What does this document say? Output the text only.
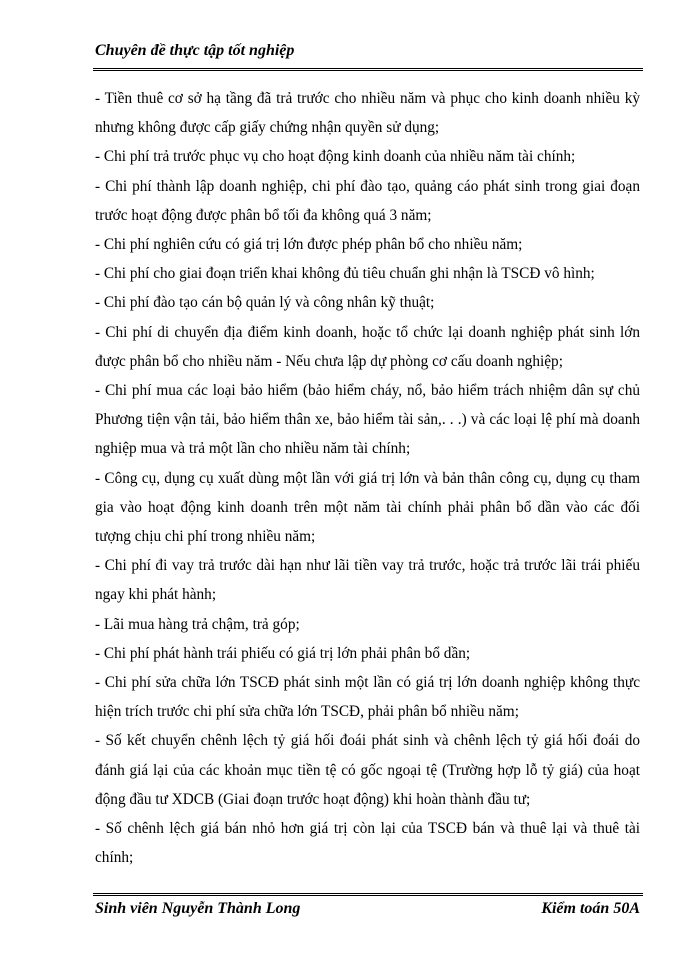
Chuyên đề thực tập tốt nghiệp

- Tiền thuê cơ sở hạ tầng đã trả trước cho nhiều năm và phục cho kinh doanh nhiều kỳ nhưng không được cấp giấy chứng nhận quyền sử dụng;

- Chi phí trả trước phục vụ cho hoạt động kinh doanh của nhiều năm tài chính;

- Chi phí thành lập doanh nghiệp, chi phí đào tạo, quảng cáo phát sinh trong giai đoạn trước hoạt động được phân bổ tối đa không quá 3 năm;

- Chi phí nghiên cứu có giá trị lớn được phép phân bổ cho nhiều năm;

- Chi phí cho giai đoạn triển khai không đủ tiêu chuẩn ghi nhận là TSCĐ vô hình;

- Chi phí đào tạo cán bộ quản lý và công nhân kỹ thuật;

- Chi phí di chuyển địa điểm kinh doanh, hoặc tổ chức lại doanh nghiệp phát sinh lớn được phân bổ cho nhiều năm - Nếu chưa lập dự phòng cơ cấu doanh nghiệp;

- Chi phí mua các loại bảo hiểm (bảo hiểm cháy, nổ, bảo hiểm trách nhiệm dân sự chủ Phương tiện vận tải, bảo hiểm thân xe, bảo hiểm tài sản,. . .) và các loại lệ phí mà doanh nghiệp mua và trả một lần cho nhiều năm tài chính;

- Công cụ, dụng cụ xuất dùng một lần với giá trị lớn và bản thân công cụ, dụng cụ tham gia vào hoạt động kinh doanh trên một năm tài chính phải phân bổ dần vào các đối tượng chịu chi phí trong nhiều năm;

- Chi phí đi vay trả trước dài hạn như lãi tiền vay trả trước, hoặc trả trước lãi trái phiếu ngay khi phát hành;

- Lãi mua hàng trả chậm, trả góp;

- Chi phí phát hành trái phiếu có giá trị lớn phải phân bổ dần;

- Chi phí sửa chữa lớn TSCĐ phát sinh một lần có giá trị lớn doanh nghiệp không thực hiện trích trước chi phí sửa chữa lớn TSCĐ, phải phân bổ nhiều năm;

- Số kết chuyển chênh lệch tỷ giá hối đoái phát sinh và chênh lệch tỷ giá hối đoái do đánh giá lại của các khoản mục tiền tệ có gốc ngoại tệ (Trường hợp lỗ tỷ giá) của hoạt động đầu tư XDCB (Giai đoạn trước hoạt động) khi hoàn thành đầu tư;

- Số chênh lệch giá bán nhỏ hơn giá trị còn lại của TSCĐ bán và thuê lại và thuê tài chính;

Sinh viên Nguyễn Thành Long	Kiểm toán 50A
